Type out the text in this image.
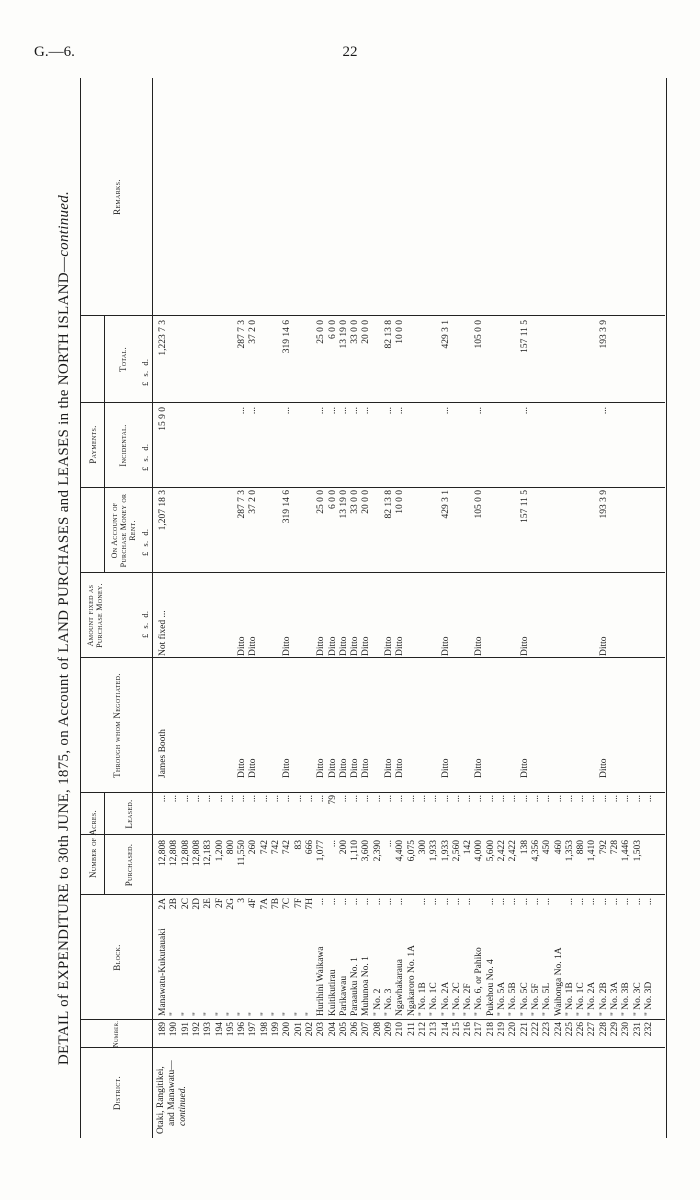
G.—6.	22
DETAIL of EXPENDITURE to 30th JUNE, 1875, on Account of LAND PURCHASES and LEASES in the NORTH ISLAND—continued.
District.
Number.
Block.
Number of Acres.	Purchased.
Leased.
Through whom Negotiated.
Amount fixed as Purchase Money.
Payments.
On Account of Purchase Money or Rent.
Incidental.
Total.
Remarks.
£  s.  d.
£  s.  d.
£  s.  d.
£  s.  d.
Otaki, Rangitikei, and Manawatu— continued.
189
Manawatu-Kukutauaki
2A
12,808
...
James Booth
Not fixed ...
1,207 18 3
15 9 0
1,223 7 3
190
"
2B
12,808
...
191
"
2C
12,808
...
192
"
2D
12,808
...
193
"
2E
12,183
...
194
"
2F
1,200
...
195
"
2G
800
...
196
"
3
11,550
...
Ditto
Ditto
287 7 3
...
287 7 3
197
"
4F
260
...
Ditto
Ditto
37 2 0
...
37 2 0
198
"
7A
742
...
199
"
7B
742
...
200
"
7C
742
...
Ditto
Ditto
319 14 6
...
319 14 6
201
"
7F
83
...
202
"
7H
666
...
203
Hurihini Waikawa
...
1,077
...
Ditto
Ditto
25 0 0
...
25 0 0
204
Kuitikutirau
...
...
79
Ditto
Ditto
6 0 0
...
6 0 0
205
Parikawau
...
200
...
Ditto
Ditto
13 19 0
...
13 19 0
206
Paraauku No. 1
...
1,110
...
Ditto
Ditto
33 0 0
...
33 0 0
207
Muhunoa No. 1
...
3,600
...
Ditto
Ditto
20 0 0
...
20 0 0
208
" No. 2
...
2,390
...
209
" No. 3
...
...
...
Ditto
Ditto
82 13 8
...
82 13 8
210
Ngawhakaraua
...
4,400
...
Ditto
Ditto
10 0 0
...
10 0 0
211
Ngakaroro No. 1A
6,075
...
212
" No. 1B
...
300
...
213
" No. 1C
...
1,933
...
214
" No. 2A
...
1,933
...
Ditto
Ditto
429 3 1
...
429 3 1
215
" No. 2C
...
2,560
...
216
" No. 2F
...
142
...
217
" No. 6, or Pahiko
4,000
...
Ditto
Ditto
105 0 0
...
105 0 0
218
Pukehou No. 4
...
5,600
...
219
" No. 5A
...
2,422
...
220
" No. 5B
...
2,422
...
221
" No. 5C
...
138
...
Ditto
Ditto
157 11 5
...
157 11 5
222
" No. 5F
...
4,356
...
223
" No. 5L
...
450
...
224
Waihonga No. 1A
460
...
225
" No. 1B
...
1,353
...
226
" No. 1C
...
880
...
227
" No. 2A
...
1,410
...
228
" No. 2B
...
792
...
Ditto
Ditto
193 3 9
...
193 3 9
229
" No. 3A
...
728
...
230
" No. 3B
...
1,446
...
231
" No. 3C
...
1,503
...
232
" No. 3D
...
...
